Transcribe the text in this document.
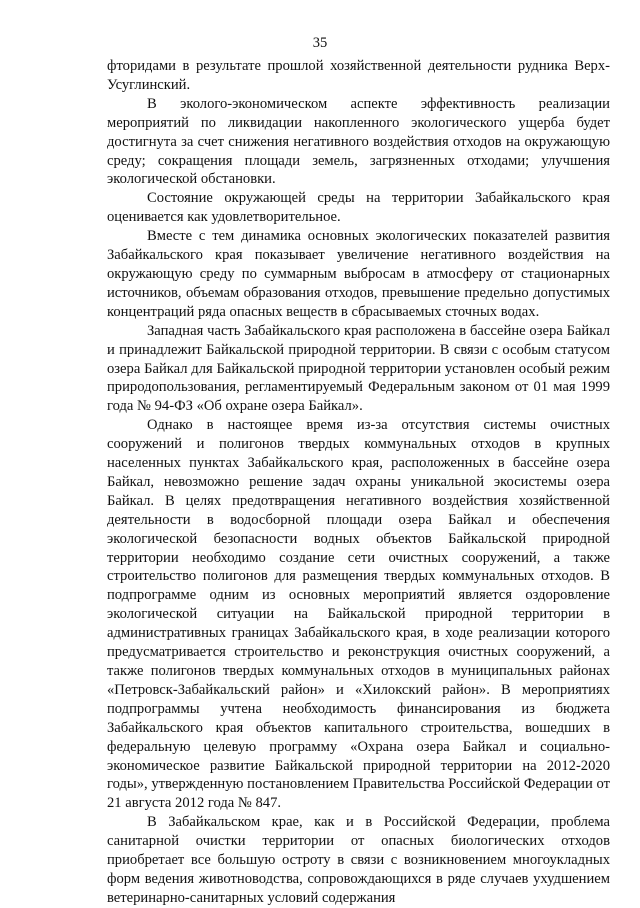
35

фторидами в результате прошлой хозяйственной деятельности рудника Верх-Усуглинский.

В эколого-экономическом аспекте эффективность реализации мероприятий по ликвидации накопленного экологического ущерба будет достигнута за счет снижения негативного воздействия отходов на окружающую среду; сокращения площади земель, загрязненных отходами; улучшения экологической обстановки.

Состояние окружающей среды на территории Забайкальского края оценивается как удовлетворительное.

Вместе с тем динамика основных экологических показателей развития Забайкальского края показывает увеличение негативного воздействия на окружающую среду по суммарным выбросам в атмосферу от стационарных источников, объемам образования отходов, превышение предельно допустимых концентраций ряда опасных веществ в сбрасываемых сточных водах.

Западная часть Забайкальского края расположена в бассейне озера Байкал и принадлежит Байкальской природной территории. В связи с особым статусом озера Байкал для Байкальской природной территории установлен особый режим природопользования, регламентируемый Федеральным законом от 01 мая 1999 года № 94-ФЗ «Об охране озера Байкал».

Однако в настоящее время из-за отсутствия системы очистных сооружений и полигонов твердых коммунальных отходов в крупных населенных пунктах Забайкальского края, расположенных в бассейне озера Байкал, невозможно решение задач охраны уникальной экосистемы озера Байкал. В целях предотвращения негативного воздействия хозяйственной деятельности в водосборной площади озера Байкал и обеспечения экологической безопасности водных объектов Байкальской природной территории необходимо создание сети очистных сооружений, а также строительство полигонов для размещения твердых коммунальных отходов. В подпрограмме одним из основных мероприятий является оздоровление экологической ситуации на Байкальской природной территории в административных границах Забайкальского края, в ходе реализации которого предусматривается строительство и реконструкция очистных сооружений, а также полигонов твердых коммунальных отходов в муниципальных районах «Петровск-Забайкальский район» и «Хилокский район». В мероприятиях подпрограммы учтена необходимость финансирования из бюджета Забайкальского края объектов капитального строительства, вошедших в федеральную целевую программу «Охрана озера Байкал и социально-экономическое развитие Байкальской природной территории на 2012-2020 годы», утвержденную постановлением Правительства Российской Федерации от 21 августа 2012 года № 847.

В Забайкальском крае, как и в Российской Федерации, проблема санитарной очистки территории от опасных биологических отходов приобретает все большую остроту в связи с возникновением многоукладных форм ведения животноводства, сопровождающихся в ряде случаев ухудшением ветеринарно-санитарных условий содержания
